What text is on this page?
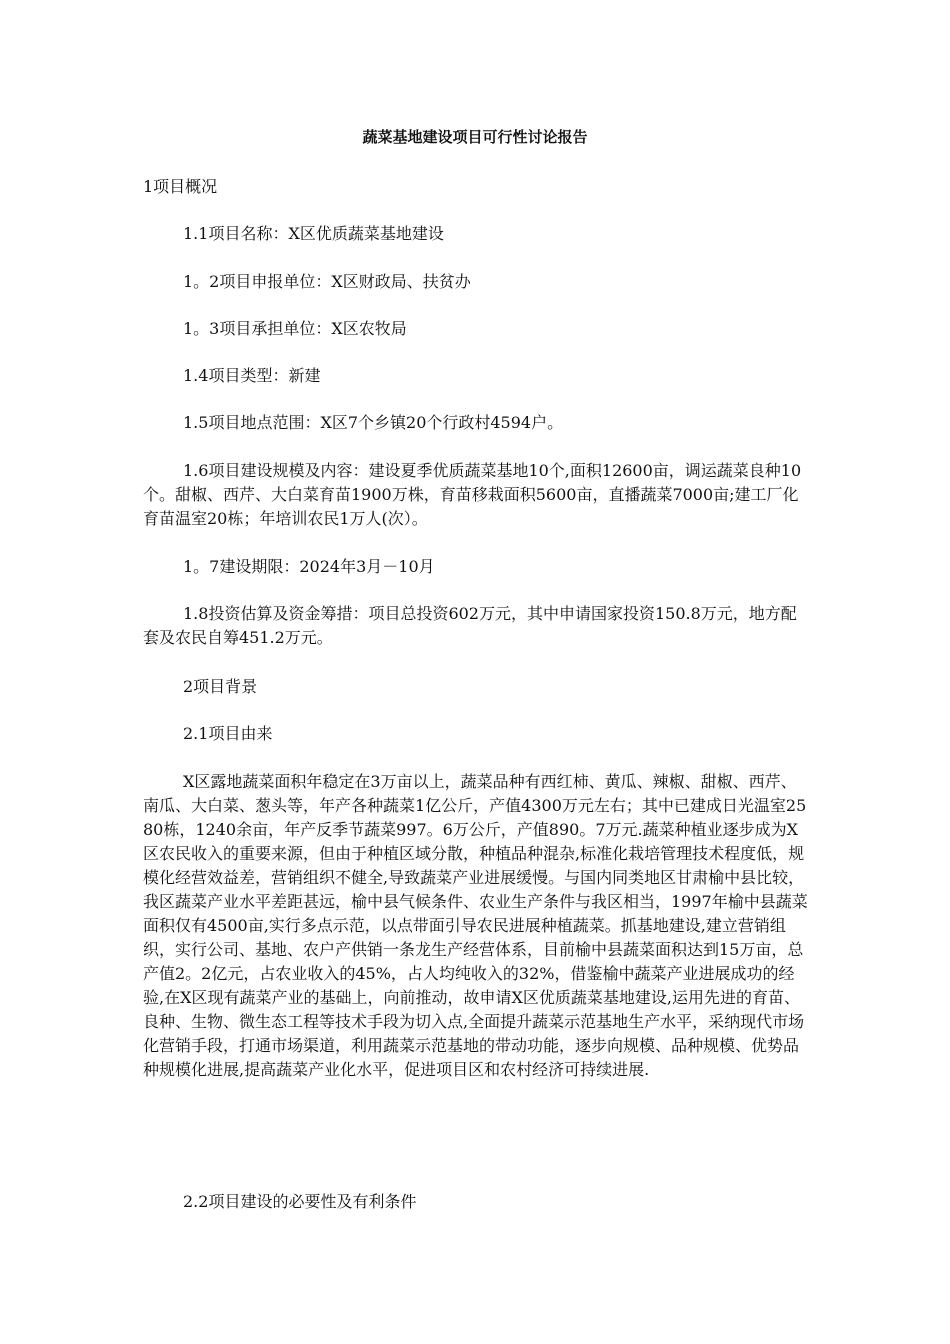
蔬菜基地建设项目可行性讨论报告

1项目概况

1.1项目名称：X区优质蔬菜基地建设

1。2项目申报单位：X区财政局、扶贫办

1。3项目承担单位：X区农牧局

1.4项目类型：新建

1.5项目地点范围：X区7个乡镇20个行政村4594户。

1.6项目建设规模及内容：建设夏季优质蔬菜基地10个,面积12600亩，调运蔬菜良种10个。甜椒、西芹、大白菜育苗1900万株，育苗移栽面积5600亩，直播蔬菜7000亩;建工厂化育苗温室20栋；年培训农民1万人(次）。

1。7建设期限：2024年3月－10月

1.8投资估算及资金筹措：项目总投资602万元，其中申请国家投资150.8万元，地方配套及农民自筹451.2万元。

2项目背景

2.1项目由来

X区露地蔬菜面积年稳定在3万亩以上，蔬菜品种有西红柿、黄瓜、辣椒、甜椒、西芹、南瓜、大白菜、葱头等，年产各种蔬菜1亿公斤，产值4300万元左右；其中已建成日光温室2580栋，1240余亩，年产反季节蔬菜997。6万公斤，产值890。7万元.蔬菜种植业逐步成为X区农民收入的重要来源，但由于种植区域分散，种植品种混杂,标准化栽培管理技术程度低，规模化经营效益差，营销组织不健全,导致蔬菜产业进展缓慢。与国内同类地区甘肃榆中县比较，我区蔬菜产业水平差距甚远，榆中县气候条件、农业生产条件与我区相当，1997年榆中县蔬菜面积仅有4500亩,实行多点示范，以点带面引导农民进展种植蔬菜。抓基地建设,建立营销组织，实行公司、基地、农户产供销一条龙生产经营体系，目前榆中县蔬菜面积达到15万亩，总产值2。2亿元，占农业收入的45%，占人均纯收入的32%，借鉴榆中蔬菜产业进展成功的经验,在X区现有蔬菜产业的基础上，向前推动，故申请X区优质蔬菜基地建设,运用先进的育苗、良种、生物、微生态工程等技术手段为切入点,全面提升蔬菜示范基地生产水平，采纳现代市场化营销手段，打通市场渠道，利用蔬菜示范基地的带动功能，逐步向规模、品种规模、优势品种规模化进展,提高蔬菜产业化水平，促进项目区和农村经济可持续进展.

2.2项目建设的必要性及有利条件
